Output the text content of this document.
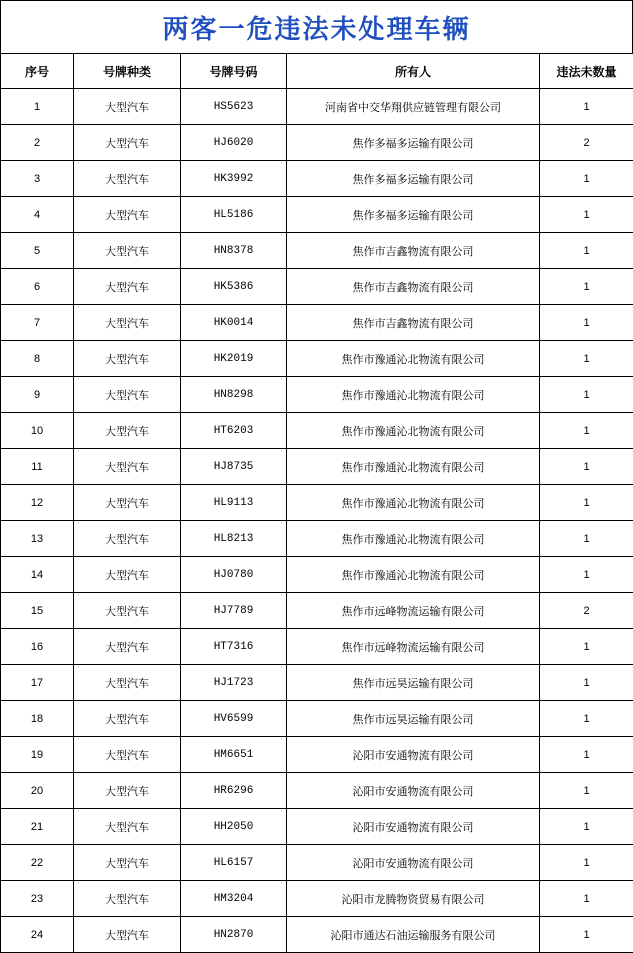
两客一危违法未处理车辆
序号	号牌种类	号牌号码	所有人	违法未数量
1	大型汽车	HS5623	河南省中交华翔供应链管理有限公司	1
2	大型汽车	HJ6020	焦作多福多运输有限公司	2
3	大型汽车	HK3992	焦作多福多运输有限公司	1
4	大型汽车	HL5186	焦作多福多运输有限公司	1
5	大型汽车	HN8378	焦作市吉鑫物流有限公司	1
6	大型汽车	HK5386	焦作市吉鑫物流有限公司	1
7	大型汽车	HK0014	焦作市吉鑫物流有限公司	1
8	大型汽车	HK2019	焦作市豫通沁北物流有限公司	1
9	大型汽车	HN8298	焦作市豫通沁北物流有限公司	1
10	大型汽车	HT6203	焦作市豫通沁北物流有限公司	1
11	大型汽车	HJ8735	焦作市豫通沁北物流有限公司	1
12	大型汽车	HL9113	焦作市豫通沁北物流有限公司	1
13	大型汽车	HL8213	焦作市豫通沁北物流有限公司	1
14	大型汽车	HJ0780	焦作市豫通沁北物流有限公司	1
15	大型汽车	HJ7789	焦作市远峰物流运输有限公司	2
16	大型汽车	HT7316	焦作市远峰物流运输有限公司	1
17	大型汽车	HJ1723	焦作市远昊运输有限公司	1
18	大型汽车	HV6599	焦作市远昊运输有限公司	1
19	大型汽车	HM6651	沁阳市安通物流有限公司	1
20	大型汽车	HR6296	沁阳市安通物流有限公司	1
21	大型汽车	HH2050	沁阳市安通物流有限公司	1
22	大型汽车	HL6157	沁阳市安通物流有限公司	1
23	大型汽车	HM3204	沁阳市龙腾物资贸易有限公司	1
24	大型汽车	HN2870	沁阳市通达石油运输服务有限公司	1
